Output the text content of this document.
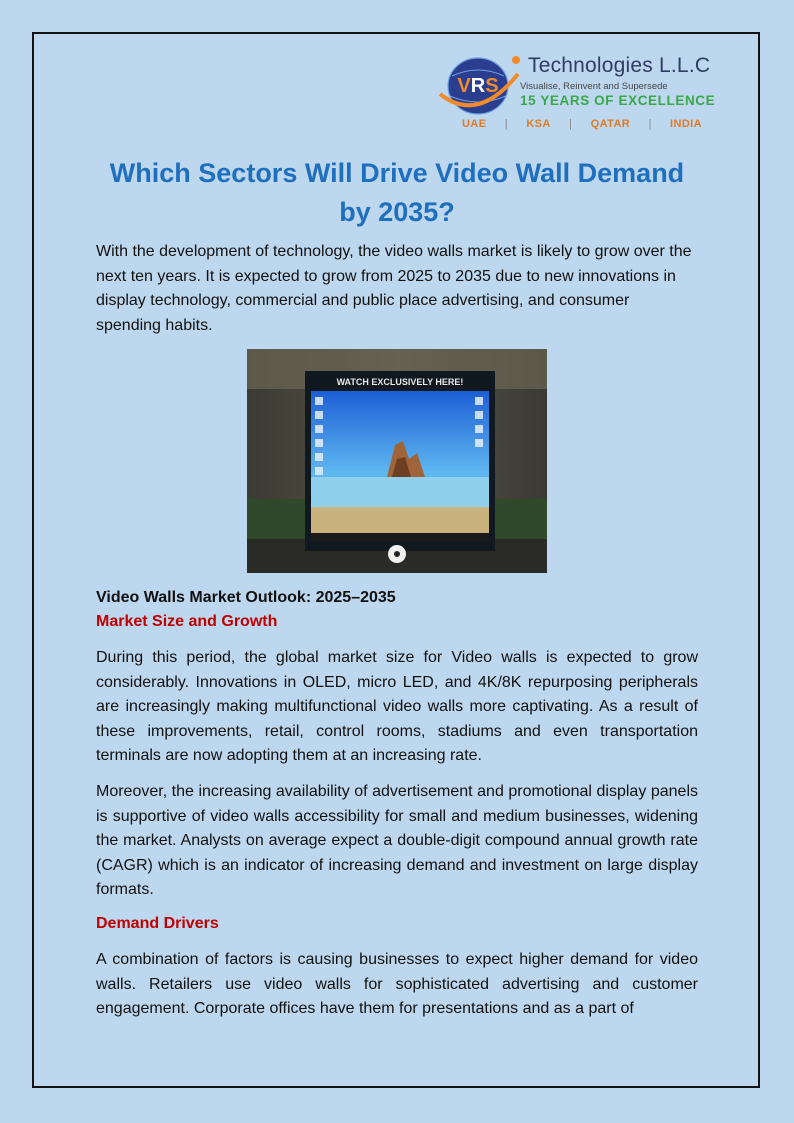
VRS
Technologies L.L.C
Visualise, Reinvent and Supersede
15 YEARS OF EXCELLENCE
UAE | KSA | QATAR | INDIA
Which Sectors Will Drive Video Wall Demand by 2035?

With the development of technology, the video walls market is likely to grow over the next ten years. It is expected to grow from 2025 to 2035 due to new innovations in display technology, commercial and public place advertising, and consumer spending habits.

WATCH EXCLUSIVELY HERE!

Video Walls Market Outlook: 2025–2035

Market Size and Growth

During this period, the global market size for Video walls is expected to grow considerably. Innovations in OLED, micro LED, and 4K/8K repurposing peripherals are increasingly making multifunctional video walls more captivating. As a result of these improvements, retail, control rooms, stadiums and even transportation terminals are now adopting them at an increasing rate.

Moreover, the increasing availability of advertisement and promotional display panels is supportive of video walls accessibility for small and medium businesses, widening the market. Analysts on average expect a double-digit compound annual growth rate (CAGR) which is an indicator of increasing demand and investment on large display formats.

Demand Drivers

A combination of factors is causing businesses to expect higher demand for video walls. Retailers use video walls for sophisticated advertising and customer engagement. Corporate offices have them for presentations and as a part of
